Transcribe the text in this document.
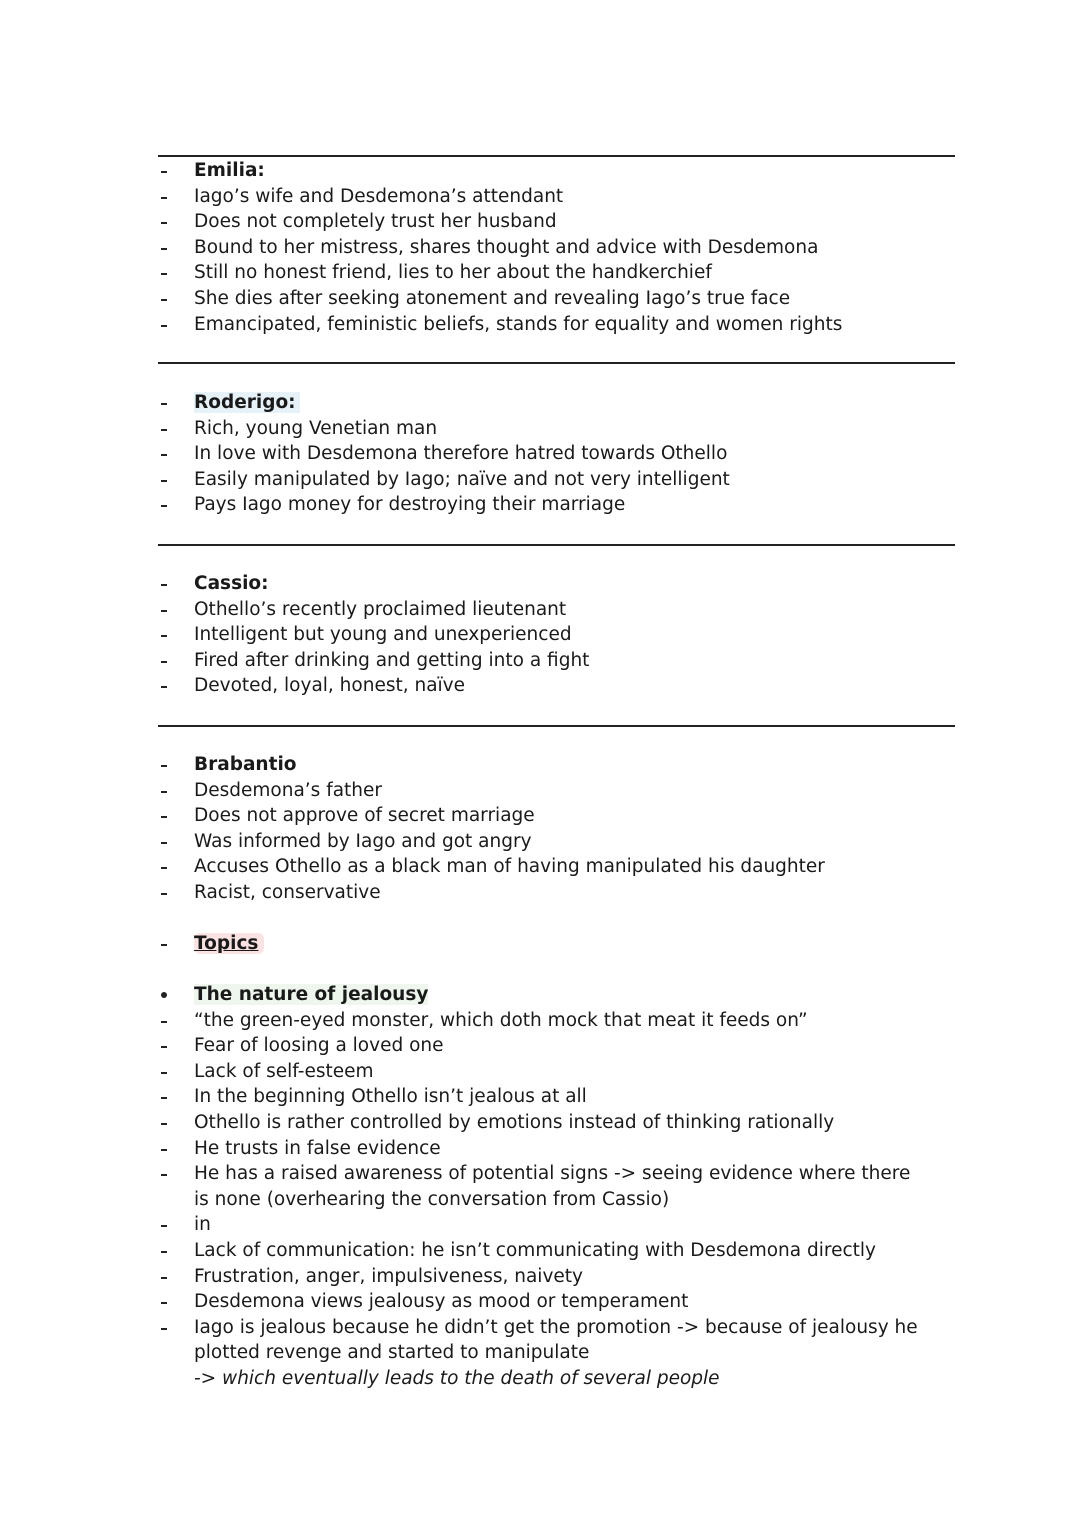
Emilia:
Iago’s wife and Desdemona’s attendant
Does not completely trust her husband
Bound to her mistress, shares thought and advice with Desdemona
Still no honest friend, lies to her about the handkerchief
She dies after seeking atonement and revealing Iago’s true face
Emancipated, feministic beliefs, stands for equality and women rights
Roderigo:
Rich, young Venetian man
In love with Desdemona therefore hatred towards Othello
Easily manipulated by Iago; naïve and not very intelligent
Pays Iago money for destroying their marriage
Cassio:
Othello’s recently proclaimed lieutenant
Intelligent but young and unexperienced
Fired after drinking and getting into a fight
Devoted, loyal, honest, naïve
Brabantio
Desdemona’s father
Does not approve of secret marriage
Was informed by Iago and got angry
Accuses Othello as a black man of having manipulated his daughter
Racist, conservative
Topics
The nature of jealousy
“the green-eyed monster, which doth mock that meat it feeds on”
Fear of loosing a loved one
Lack of self-esteem
In the beginning Othello isn’t jealous at all
Othello is rather controlled by emotions instead of thinking rationally
He trusts in false evidence
He has a raised awareness of potential signs -> seeing evidence where there is none (overhearing the conversation from Cassio)
in
Lack of communication: he isn’t communicating with Desdemona directly
Frustration, anger, impulsiveness, naivety
Desdemona views jealousy as mood or temperament
Iago is jealous because he didn’t get the promotion -> because of jealousy he plotted revenge and started to manipulate
-> which eventually leads to the death of several people
